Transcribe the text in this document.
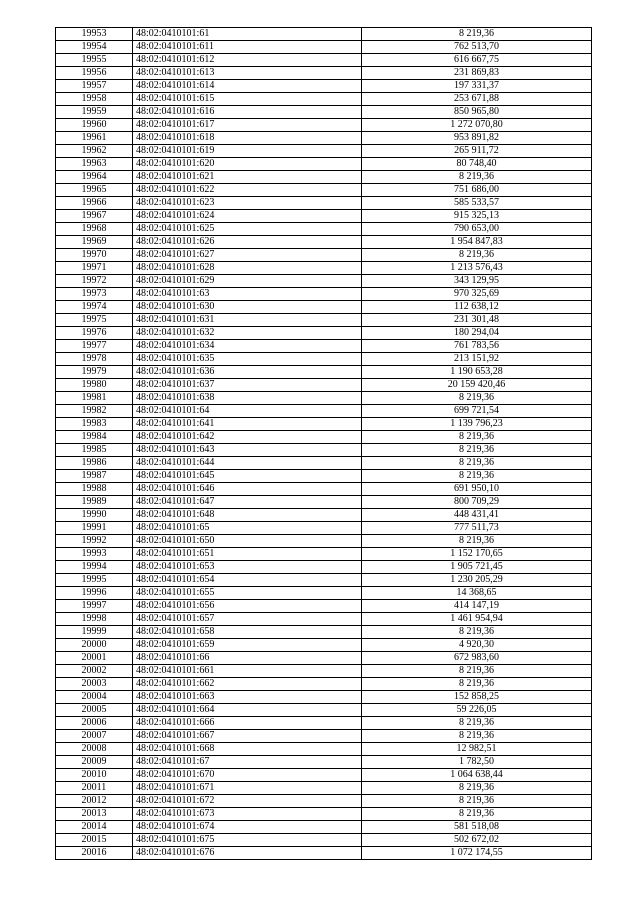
19953	48:02:0410101:61	8 219,36
19954	48:02:0410101:611	762 513,70
19955	48:02:0410101:612	616 667,75
19956	48:02:0410101:613	231 869,83
19957	48:02:0410101:614	197 331,37
19958	48:02:0410101:615	253 671,88
19959	48:02:0410101:616	850 965,80
19960	48:02:0410101:617	1 272 070,80
19961	48:02:0410101:618	953 891,82
19962	48:02:0410101:619	265 911,72
19963	48:02:0410101:620	80 748,40
19964	48:02:0410101:621	8 219,36
19965	48:02:0410101:622	751 686,00
19966	48:02:0410101:623	585 533,57
19967	48:02:0410101:624	915 325,13
19968	48:02:0410101:625	790 653,00
19969	48:02:0410101:626	1 954 847,83
19970	48:02:0410101:627	8 219,36
19971	48:02:0410101:628	1 213 576,43
19972	48:02:0410101:629	343 129,95
19973	48:02:0410101:63	970 325,69
19974	48:02:0410101:630	112 638,12
19975	48:02:0410101:631	231 301,48
19976	48:02:0410101:632	180 294,04
19977	48:02:0410101:634	761 783,56
19978	48:02:0410101:635	213 151,92
19979	48:02:0410101:636	1 190 653,28
19980	48:02:0410101:637	20 159 420,46
19981	48:02:0410101:638	8 219,36
19982	48:02:0410101:64	699 721,54
19983	48:02:0410101:641	1 139 796,23
19984	48:02:0410101:642	8 219,36
19985	48:02:0410101:643	8 219,36
19986	48:02:0410101:644	8 219,36
19987	48:02:0410101:645	8 219,36
19988	48:02:0410101:646	691 950,10
19989	48:02:0410101:647	800 709,29
19990	48:02:0410101:648	448 431,41
19991	48:02:0410101:65	777 511,73
19992	48:02:0410101:650	8 219,36
19993	48:02:0410101:651	1 152 170,65
19994	48:02:0410101:653	1 905 721,45
19995	48:02:0410101:654	1 230 205,29
19996	48:02:0410101:655	14 368,65
19997	48:02:0410101:656	414 147,19
19998	48:02:0410101:657	1 461 954,94
19999	48:02:0410101:658	8 219,36
20000	48:02:0410101:659	4 920,30
20001	48:02:0410101:66	672 983,60
20002	48:02:0410101:661	8 219,36
20003	48:02:0410101:662	8 219,36
20004	48:02:0410101:663	152 858,25
20005	48:02:0410101:664	59 226,05
20006	48:02:0410101:666	8 219,36
20007	48:02:0410101:667	8 219,36
20008	48:02:0410101:668	12 982,51
20009	48:02:0410101:67	1 782,50
20010	48:02:0410101:670	1 064 638,44
20011	48:02:0410101:671	8 219,36
20012	48:02:0410101:672	8 219,36
20013	48:02:0410101:673	8 219,36
20014	48:02:0410101:674	581 518,08
20015	48:02:0410101:675	502 672,02
20016	48:02:0410101:676	1 072 174,55
